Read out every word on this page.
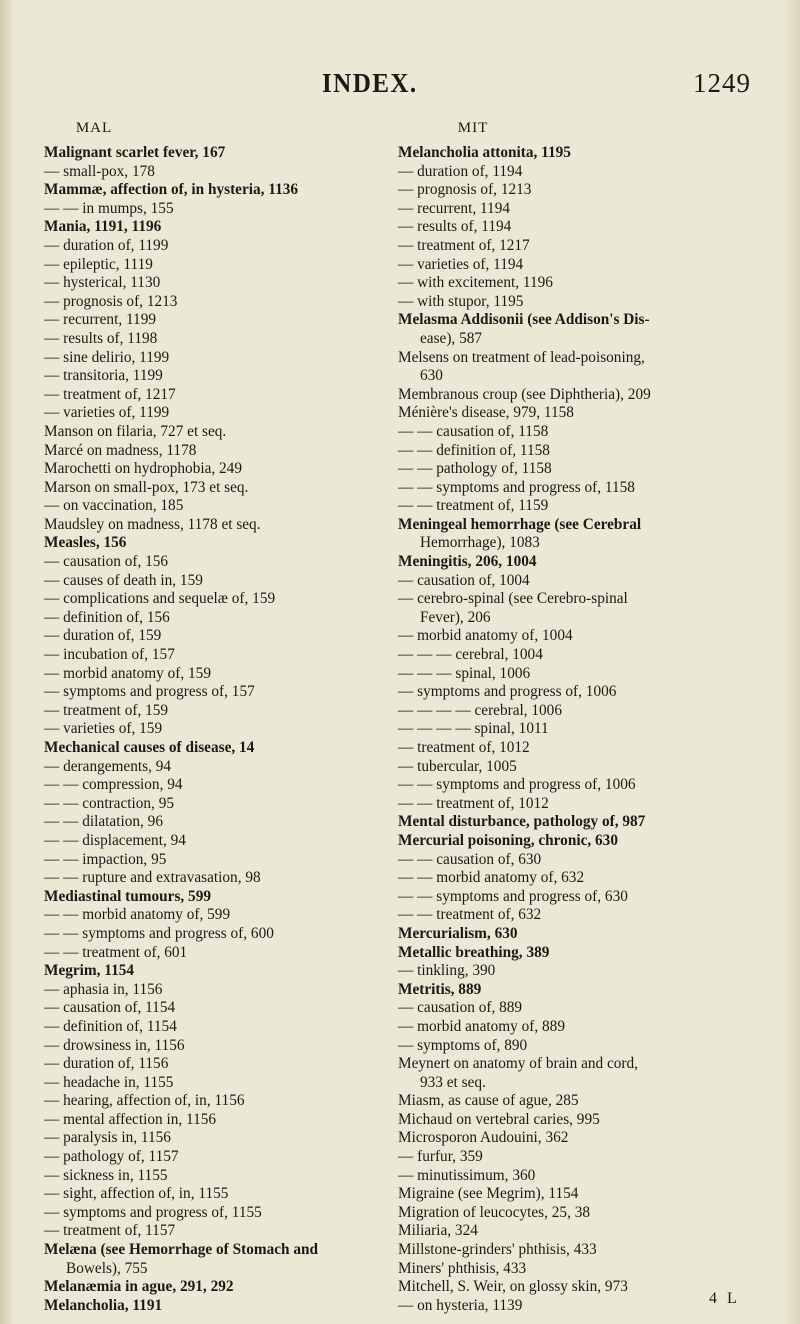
INDEX.	1249
MAL
Malignant scarlet fever, 167
— small-pox, 178
Mammæ, affection of, in hysteria, 1136
— — in mumps, 155
Mania, 1191, 1196
— duration of, 1199
— epileptic, 1119
— hysterical, 1130
— prognosis of, 1213
— recurrent, 1199
— results of, 1198
— sine delirio, 1199
— transitoria, 1199
— treatment of, 1217
— varieties of, 1199
Manson on filaria, 727 et seq.
Marcé on madness, 1178
Marochetti on hydrophobia, 249
Marson on small-pox, 173 et seq.
— on vaccination, 185
Maudsley on madness, 1178 et seq.
Measles, 156
— causation of, 156
— causes of death in, 159
— complications and sequelæ of, 159
— definition of, 156
— duration of, 159
— incubation of, 157
— morbid anatomy of, 159
— symptoms and progress of, 157
— treatment of, 159
— varieties of, 159
Mechanical causes of disease, 14
— derangements, 94
— — compression, 94
— — contraction, 95
— — dilatation, 96
— — displacement, 94
— — impaction, 95
— — rupture and extravasation, 98
Mediastinal tumours, 599
— — morbid anatomy of, 599
— — symptoms and progress of, 600
— — treatment of, 601
Megrim, 1154
— aphasia in, 1156
— causation of, 1154
— definition of, 1154
— drowsiness in, 1156
— duration of, 1156
— headache in, 1155
— hearing, affection of, in, 1156
— mental affection in, 1156
— paralysis in, 1156
— pathology of, 1157
— sickness in, 1155
— sight, affection of, in, 1155
— symptoms and progress of, 1155
— treatment of, 1157
Melæna (see Hemorrhage of Stomach and
Bowels), 755
Melanæmia in ague, 291, 292
Melancholia, 1191
MIT
Melancholia attonita, 1195
— duration of, 1194
— prognosis of, 1213
— recurrent, 1194
— results of, 1194
— treatment of, 1217
— varieties of, 1194
— with excitement, 1196
— with stupor, 1195
Melasma Addisonii (see Addison's Dis-
ease), 587
Melsens on treatment of lead-poisoning,
630
Membranous croup (see Diphtheria), 209
Ménière's disease, 979, 1158
— — causation of, 1158
— — definition of, 1158
— — pathology of, 1158
— — symptoms and progress of, 1158
— — treatment of, 1159
Meningeal hemorrhage (see Cerebral
Hemorrhage), 1083
Meningitis, 206, 1004
— causation of, 1004
— cerebro-spinal (see Cerebro-spinal
Fever), 206
— morbid anatomy of, 1004
— — — cerebral, 1004
— — — spinal, 1006
— symptoms and progress of, 1006
— — — — cerebral, 1006
— — — — spinal, 1011
— treatment of, 1012
— tubercular, 1005
— — symptoms and progress of, 1006
— — treatment of, 1012
Mental disturbance, pathology of, 987
Mercurial poisoning, chronic, 630
— — causation of, 630
— — morbid anatomy of, 632
— — symptoms and progress of, 630
— — treatment of, 632
Mercurialism, 630
Metallic breathing, 389
— tinkling, 390
Metritis, 889
— causation of, 889
— morbid anatomy of, 889
— symptoms of, 890
Meynert on anatomy of brain and cord,
933 et seq.
Miasm, as cause of ague, 285
Michaud on vertebral caries, 995
Microsporon Audouini, 362
— furfur, 359
— minutissimum, 360
Migraine (see Megrim), 1154
Migration of leucocytes, 25, 38
Miliaria, 324
Millstone-grinders' phthisis, 433
Miners' phthisis, 433
Mitchell, S. Weir, on glossy skin, 973
— on hysteria, 1139	4 L
